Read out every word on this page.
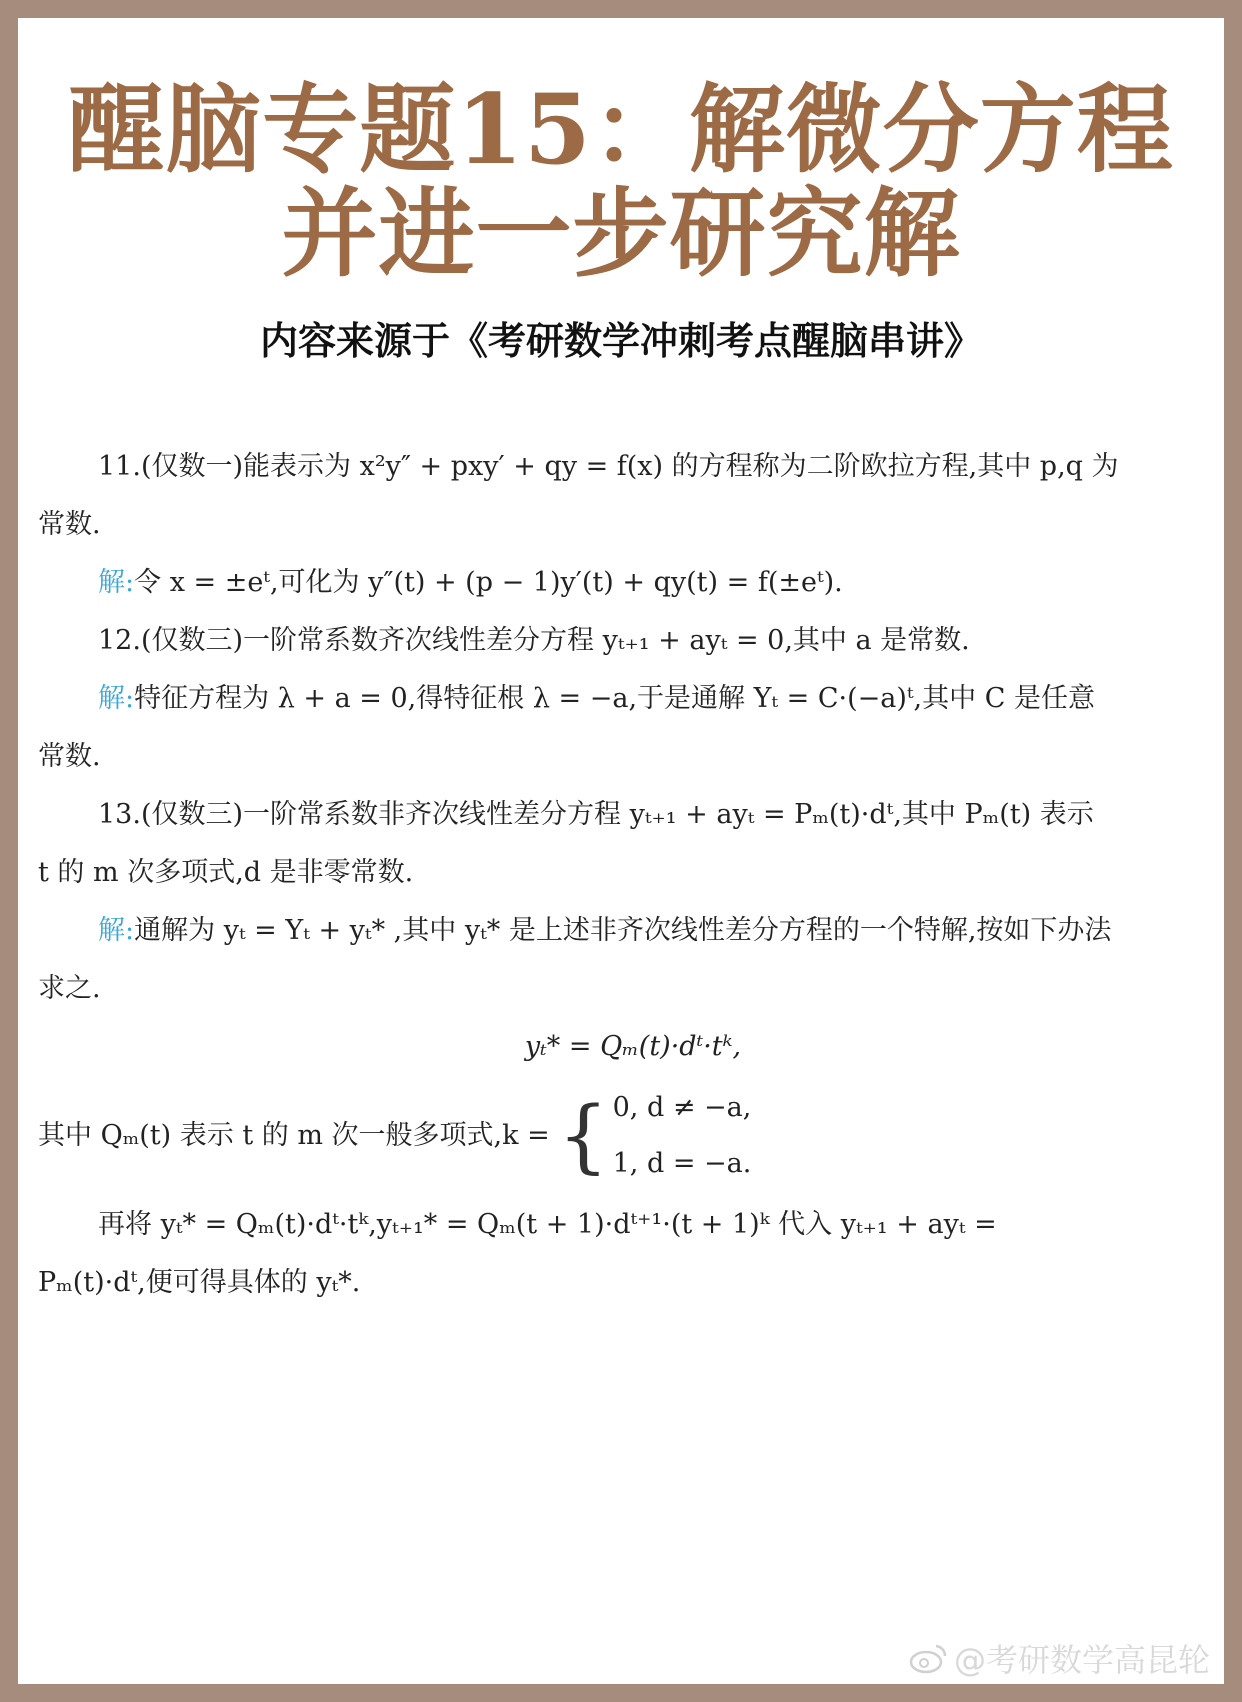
醒脑专题15：解微分方程
并进一步研究解
内容来源于《考研数学冲刺考点醒脑串讲》

11.(仅数一)能表示为 x²y″ + pxy′ + qy = f(x) 的方程称为二阶欧拉方程,其中 p,q 为

常数.

解:令 x = ±eᵗ,可化为 y″(t) + (p − 1)y′(t) + qy(t) = f(±eᵗ).

12.(仅数三)一阶常系数齐次线性差分方程 yₜ₊₁ + ayₜ = 0,其中 a 是常数.

解:特征方程为 λ + a = 0,得特征根 λ = −a,于是通解 Yₜ = C·(−a)ᵗ,其中 C 是任意

常数.

13.(仅数三)一阶常系数非齐次线性差分方程 yₜ₊₁ + ayₜ = Pₘ(t)·dᵗ,其中 Pₘ(t) 表示

t 的 m 次多项式,d 是非零常数.

解:通解为 yₜ = Yₜ + yₜ* ,其中 yₜ* 是上述非齐次线性差分方程的一个特解,按如下办法

求之.

yₜ* = Qₘ(t)·dᵗ·tᵏ,

其中 Qₘ(t) 表示 t 的 m 次一般多项式,k = { 0, d ≠ −a,
1, d = −a.

再将 yₜ* = Qₘ(t)·dᵗ·tᵏ,yₜ₊₁* = Qₘ(t + 1)·dᵗ⁺¹·(t + 1)ᵏ 代入 yₜ₊₁ + ayₜ =

Pₘ(t)·dᵗ,便可得具体的 yₜ*.

@考研数学高昆轮
